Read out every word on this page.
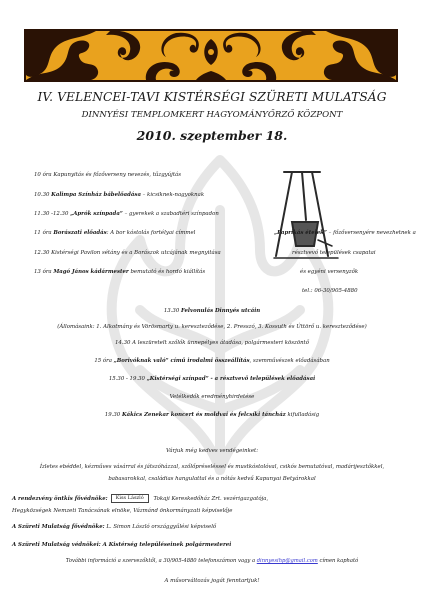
IV. VELENCEI-TAVI KISTÉRSÉGI SZÜRETI MULATSÁG
DINNYÉSI TEMPLOMKERT HAGYOMÁNYŐRZŐ KÖZPONT
2010. szeptember 18.
10 óra Kapunyitás és főzőverseny nevezés, tűzgyújtás
10.30 Kalimpa Színház bábelőadása – kicsiknek-nagyoknak
11.30 -12.30 „Aprók színpada” – gyerekek a szabadtéri színpadon
11 óra Borászati előadás: A bor kóstolás fortélyai címmel
12.30 Kistérségi Pavilon sétány és a Borászok utcájának megnyitása
13 óra Magó János kádármester bemutató és hordó kiállítás
„Paprikás ételek” – főzőversenyére nevezhetnek a
résztvevő települések csapatai
és egyéni versenyzők
tel.: 06-30/905-4880
13.30 Felvonulás Dinnyés utcáin
(Állomásaink: 1. Alkotmány és Vörösmarty u. kereszteződése, 2. Presszó, 3. Kossuth és Úttörő u. kereszteződése)
14.30 A leszüretelt szőlők ünnepélyes átadása, polgármesteri köszöntő
15 óra „Borivóknak való” című irodalmi összeállítás, szemművészek előadásában
15.30 - 19.30 „Kistérségi színpad” - a résztvevő települések előadásai
Vetélkedők eredményhirdetése
19.30 Kákics Zenekar koncert és moldvai és felcsíki táncház kifulladásig
Várjuk még kedves vendégeinket:
Ízletes ebéddel, kézműves vásárral és játszóházzal, szőlőpréseléssel és mustkóstolóval, csikós bemutatóval, madárijesztőkkel,
babasarokkal, családias hangulattal és a nótás kedvű Kapunyai Betyárokkal
A rendezvény öntkis fővédnöke: Kiss László Tokaji Kereskedőház Zrt. vezérigazgatója,
Hegyközségek Nemzeti Tanácsának elnöke, Vázmánd önkormányzati képviselője
A Szüreti Mulatság fővédnöke: L. Simon László országgyűlési képviselő
A Szüreti Mulatság védnökei: A Kistérség településeinek polgármesterei
További információ a szervezőktől, a 30/905-4880 telefonszámon vagy a dinnyesihp@gmail.com címen kapható
A műsorváltozás jogát fenntartjuk!
